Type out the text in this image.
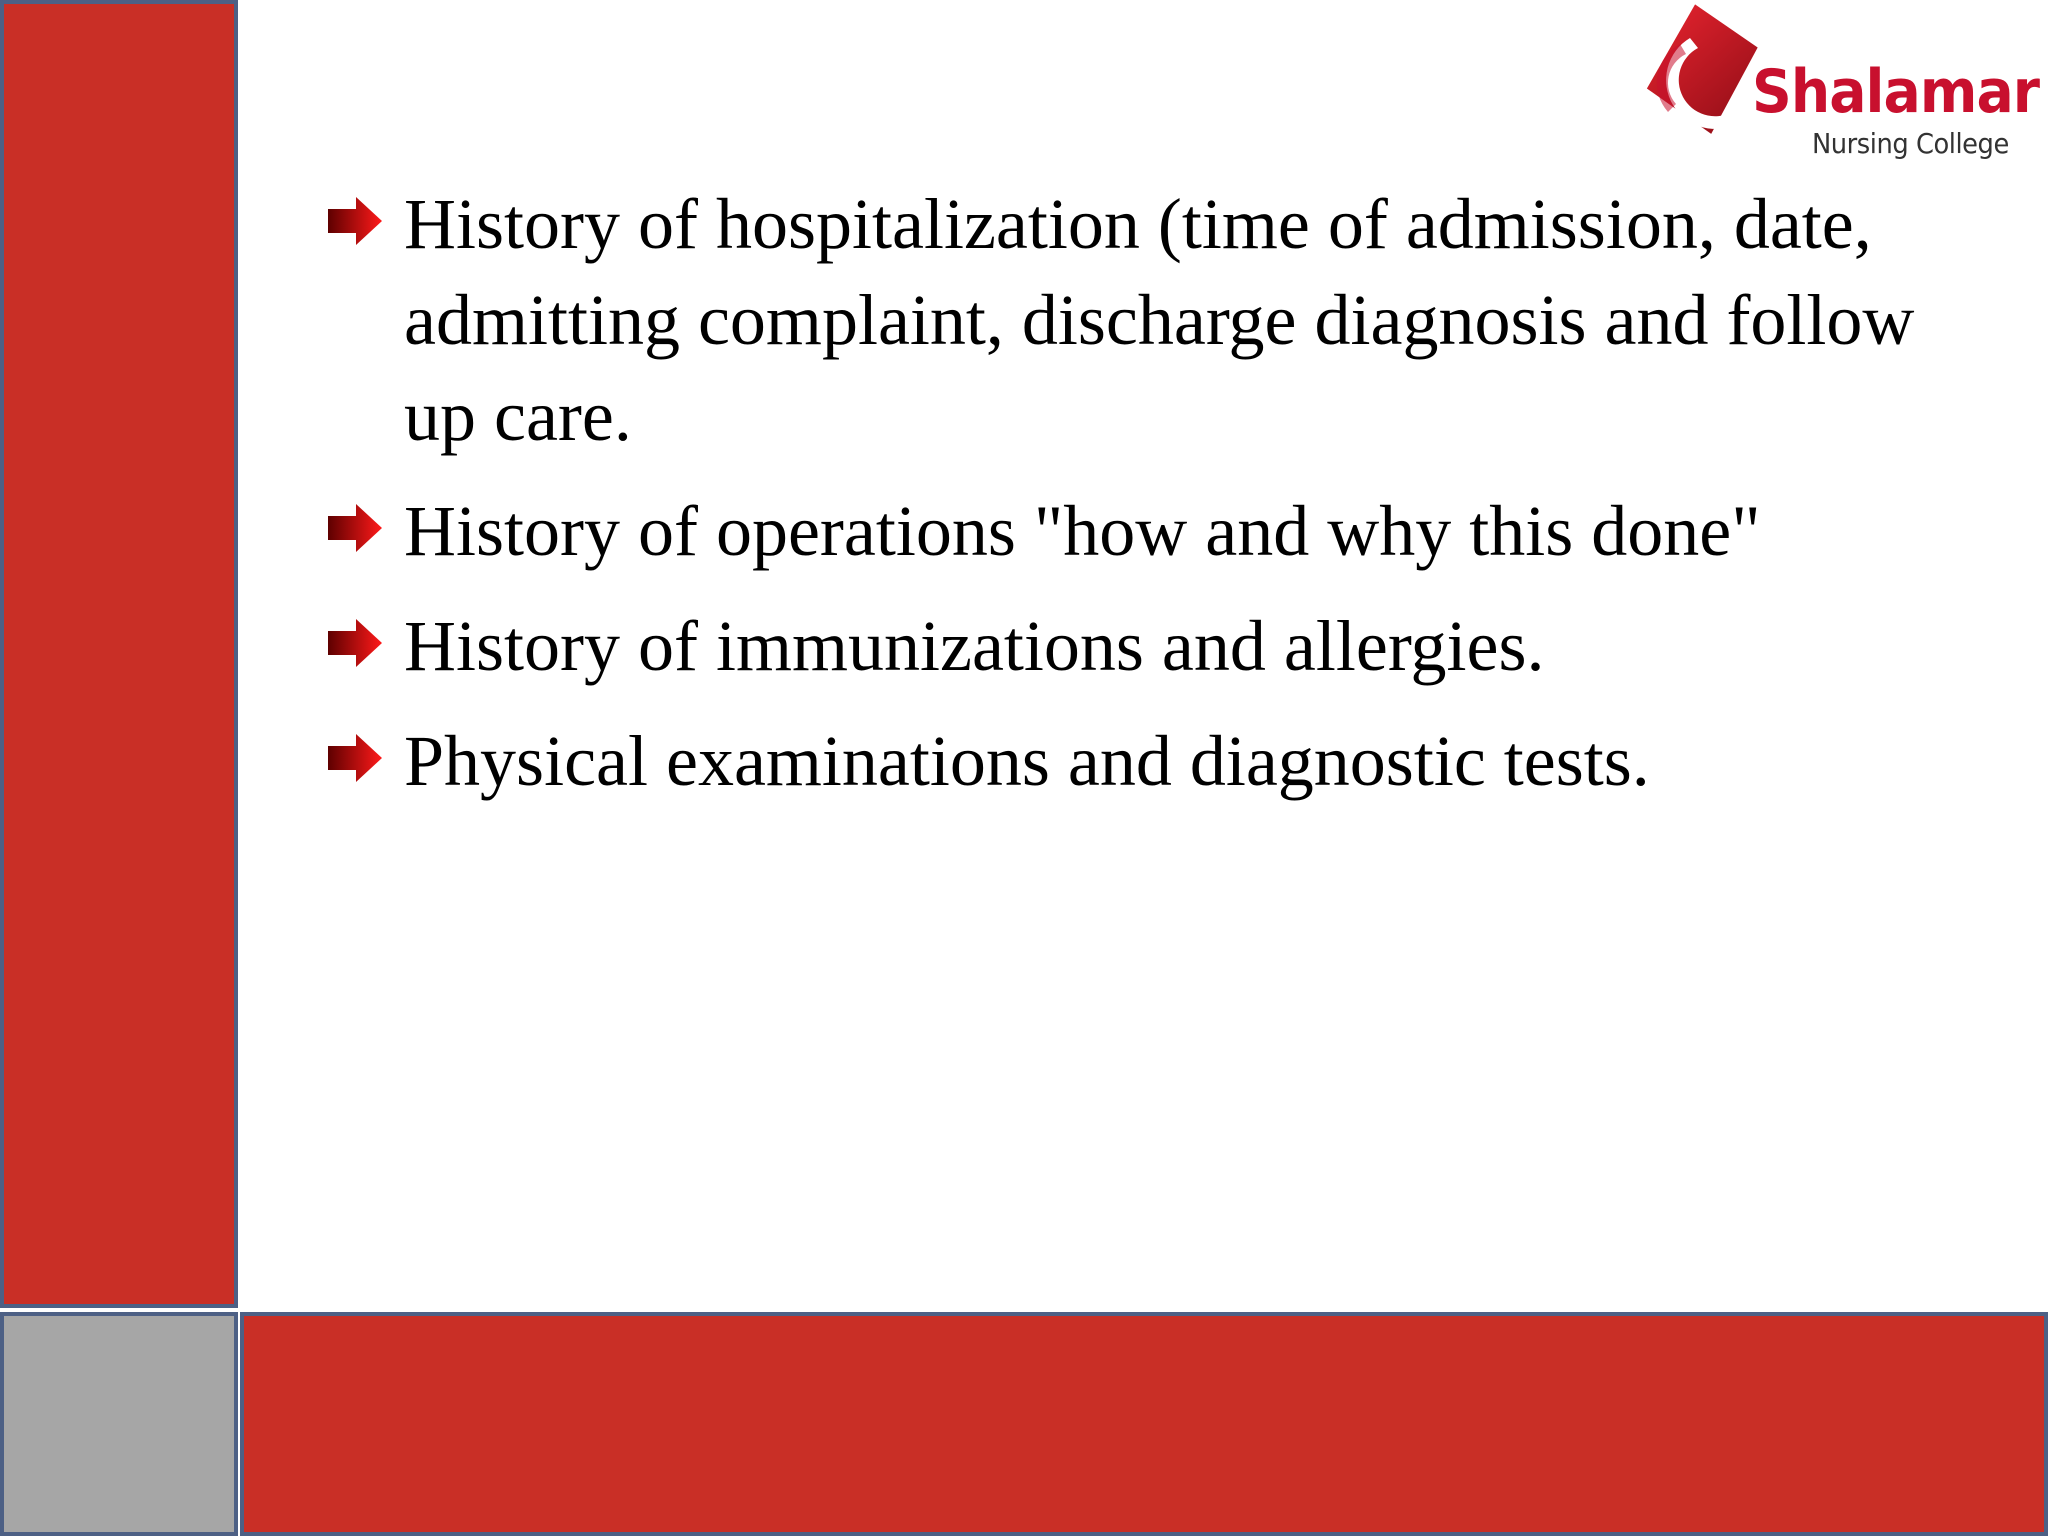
Shalamar
Nursing College
History of hospitalization (time of admission, date, admitting complaint, discharge diagnosis and follow up care.
History of operations "how and why this done"
History of immunizations and allergies.
Physical examinations and diagnostic tests.
